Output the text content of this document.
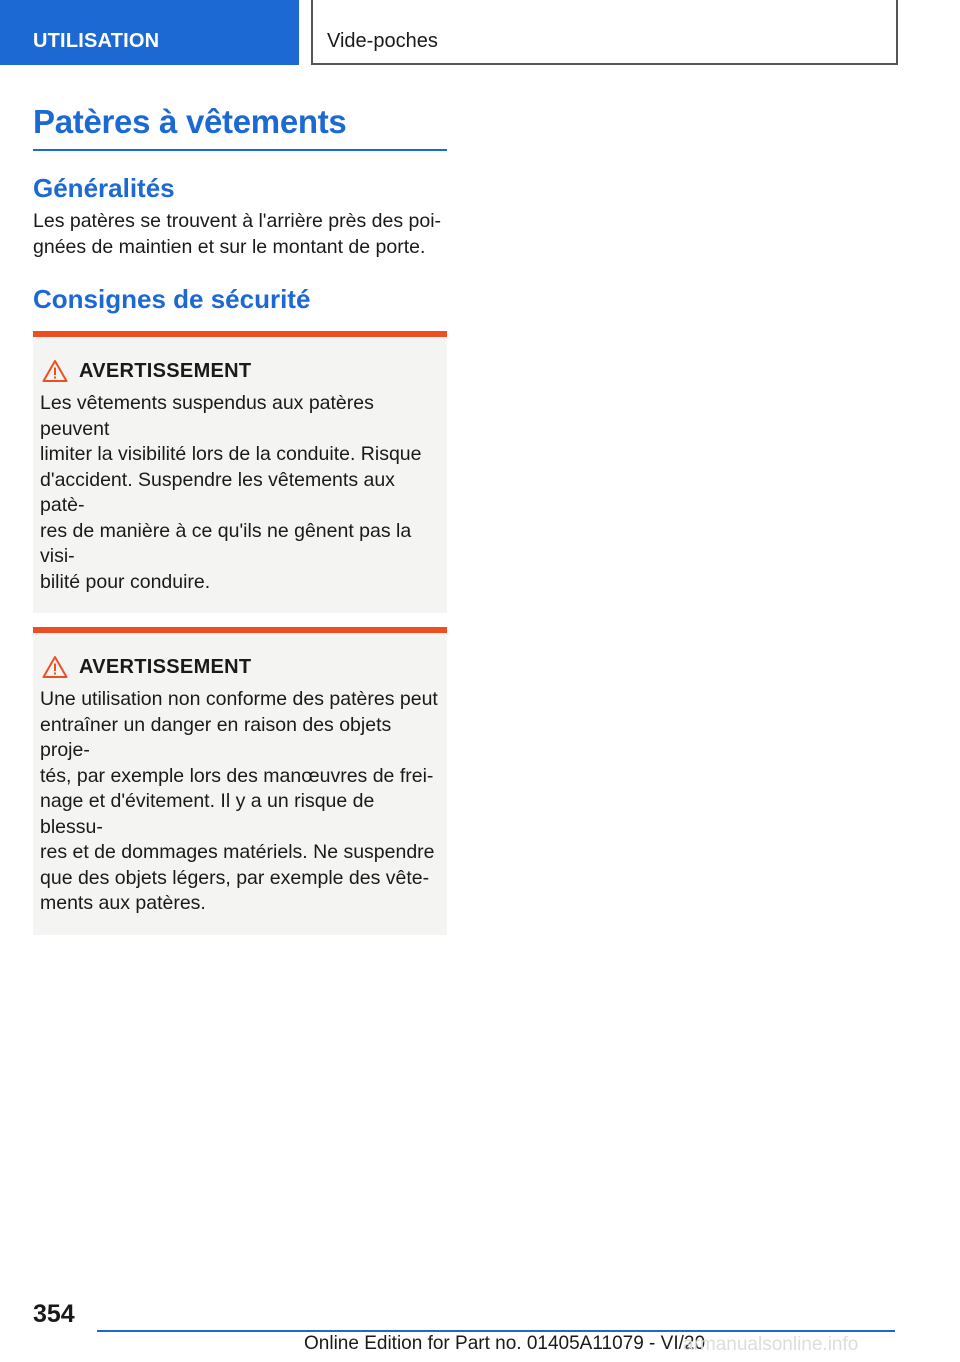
UTILISATION	Vide-poches
Patères à vêtements
Généralités

Les patères se trouvent à l'arrière près des poi-
gnées de maintien et sur le montant de porte.

Consignes de sécurité
AVERTISSEMENT

Les vêtements suspendus aux patères peuvent
limiter la visibilité lors de la conduite. Risque
d'accident. Suspendre les vêtements aux patè-
res de manière à ce qu'ils ne gênent pas la visi-
bilité pour conduire.

AVERTISSEMENT

Une utilisation non conforme des patères peut
entraîner un danger en raison des objets proje-
tés, par exemple lors des manœuvres de frei-
nage et d'évitement. Il y a un risque de blessu-
res et de dommages matériels. Ne suspendre
que des objets légers, par exemple des vête-
ments aux patères.

354
Online Edition for Part no. 01405A11079 - VI/20
armanualsonline.info
